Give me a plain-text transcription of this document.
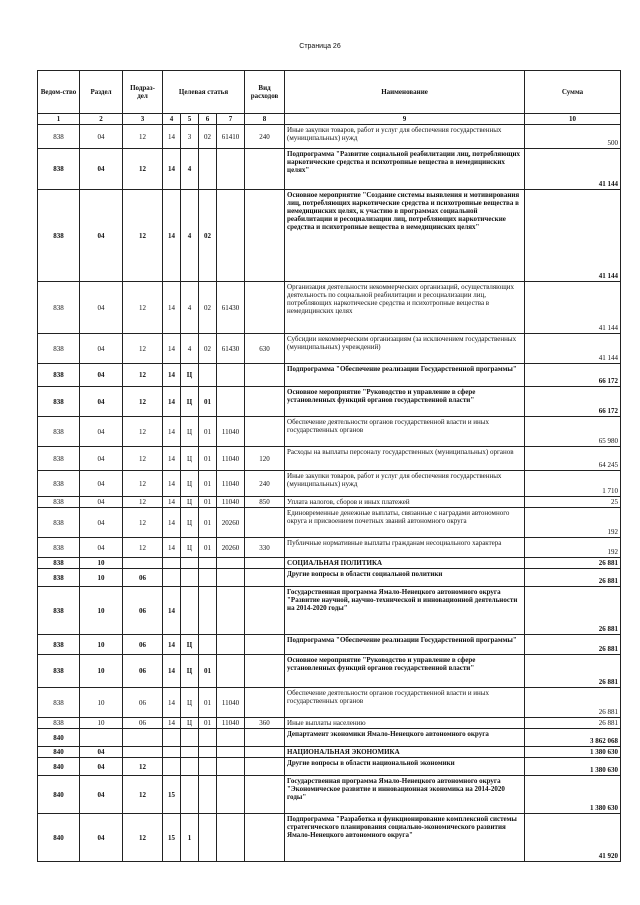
Страница 26
Ведом-ство	Раздел	Подраз-дел	Целевая статья				Вид расходов	Наименование	Сумма
1	2	3	4	5	6	7	8	9	10
838	04	12	14	3	02	61410	240	Иные закупки товаров, работ и услуг для обеспечения государственных (муниципальных) нужд	500
838	04	12	14	4				Подпрограмма "Развитие социальной реабилитации лиц, потребляющих наркотические средства и психотропные вещества в немедицинских целях"	41 144
838	04	12	14	4	02			Основное мероприятие "Создание системы выявления и мотивирования лиц, потребляющих наркотические средства и психотропные вещества в немедицинских целях, к участию в программах социальной реабилитации и ресоциализации лиц, потребляющих наркотические средства и психотропные вещества в немедицинских целях"	41 144
838	04	12	14	4	02	61430		Организация деятельности некоммерческих организаций, осуществляющих деятельность по социальной реабилитации и ресоциализации лиц, потребляющих наркотические средства и психотропные вещества в немедицинских целях	41 144
838	04	12	14	4	02	61430	630	Субсидии некоммерческим организациям (за исключением государственных (муниципальных) учреждений)	41 144
838	04	12	14	Ц				Подпрограмма "Обеспечение реализации Государственной программы"	66 172
838	04	12	14	Ц	01			Основное мероприятие "Руководство и управление в сфере установленных функций органов государственной власти"	66 172
838	04	12	14	Ц	01	11040		Обеспечение деятельности органов государственной власти и иных государственных органов	65 980
838	04	12	14	Ц	01	11040	120	Расходы на выплаты персоналу государственных (муниципальных) органов	64 245
838	04	12	14	Ц	01	11040	240	Иные закупки товаров, работ и услуг для обеспечения государственных (муниципальных) нужд	1 710
838	04	12	14	Ц	01	11040	850	Уплата налогов, сборов и иных платежей	25
838	04	12	14	Ц	01	20260		Единовременные денежные выплаты, связанные с наградами автономного округа и присвоением почетных званий автономного округа	192
838	04	12	14	Ц	01	20260	330	Публичные нормативные выплаты гражданам несоциального характера	192
838	10							СОЦИАЛЬНАЯ ПОЛИТИКА	26 881
838	10	06						Другие вопросы в области социальной политики	26 881
838	10	06	14					Государственная программа Ямало-Ненецкого автономного округа "Развитие научной, научно-технической и инновационной деятельности на 2014-2020 годы"	26 881
838	10	06	14	Ц				Подпрограмма "Обеспечение реализации Государственной программы"	26 881
838	10	06	14	Ц	01			Основное мероприятие "Руководство и управление в сфере установленных функций органов государственной власти"	26 881
838	10	06	14	Ц	01	11040		Обеспечение деятельности органов государственной власти и иных государственных органов	26 881
838	10	06	14	Ц	01	11040	360	Иные выплаты населению	26 881
840								Департамент экономики Ямало-Ненецкого автономного округа	3 862 068
840	04							НАЦИОНАЛЬНАЯ ЭКОНОМИКА	1 380 630
840	04	12						Другие вопросы в области национальной экономики	1 380 630
840	04	12	15					Государственная программа Ямало-Ненецкого автономного округа "Экономическое развитие и инновационная экономика на 2014-2020 годы"	1 380 630
840	04	12	15	1				Подпрограмма "Разработка и функционирование комплексной системы стратегического планирования социально-экономического развития Ямало-Ненецкого автономного округа"	41 920
